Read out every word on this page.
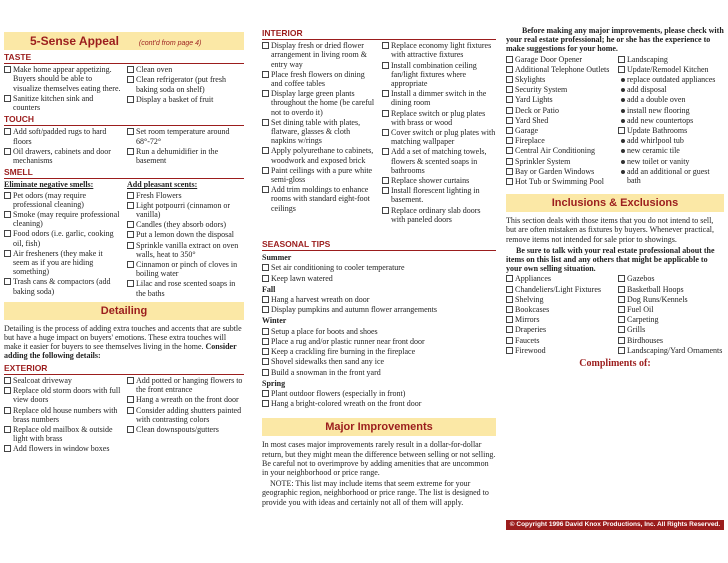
5-Sense Appeal	(cont'd from page 4)
TASTE
Make home appear appetizing. Buyers should be able to visualize themselves eating there.
Sanitize kitchen sink and counters
Clean oven
Clean refrigerator (put fresh baking soda on shelf)
Display a basket of fruit
TOUCH
Add soft/padded rugs to hard floors
Oil drawers, cabinets and door mechanisms
Set room temperature around 68°-72°
Run a dehumidifier in the basement
SMELL
Eliminate negative smells:
Pet odors (may require professional cleaning)
Smoke (may require professional cleaning)
Food odors (i.e. garlic, cooking oil, fish)
Air fresheners (they make it seem as if you are hiding something)
Trash cans & compactors (add baking soda)
Add pleasant scents:
Fresh Flowers
Light potpourri (cinnamon or vanilla)
Candles (they absorb odors)
Put a lemon down the disposal
Sprinkle vanilla extract on oven walls, heat to 350°
Cinnamon or pinch of cloves in boiling water
Lilac and rose scented soaps in the baths
Detailing

Detailing is the process of adding extra touches and accents that are subtle but have a huge impact on buyers' emotions. These extra touches will make it easier for buyers to see themselves living in the home. Consider adding the following details:

EXTERIOR
Sealcoat driveway
Replace old storm doors with full view doors
Replace old house numbers with brass numbers
Replace old mailbox & outside light with brass
Add flowers in window boxes
Add potted or hanging flowers to the front entrance
Hang a wreath on the front door
Consider adding shutters painted with contrasting colors
Clean downspouts/gutters
INTERIOR
Display fresh or dried flower arrangement in living room & entry way
Place fresh flowers on dining and coffee tables
Display large green plants throughout the home (be careful not to overdo it)
Set dining table with plates, flatware, glasses & cloth napkins w/rings
Apply polyurethane to cabinets, woodwork and exposed brick
Paint ceilings with a pure white semi-gloss
Add trim moldings to enhance rooms with standard eight-foot ceilings
Replace economy light fixtures with attractive fixtures
Install combination ceiling fan/light fixtures where appropriate
Install a dimmer switch in the dining room
Replace switch or plug plates with brass or wood
Cover switch or plug plates with matching wallpaper
Add a set of matching towels, flowers & scented soaps in bathrooms
Replace shower curtains
Install florescent lighting in basement.
Replace ordinary slab doors with paneled doors
SEASONAL TIPS
Summer
Set air conditioning to cooler temperature
Keep lawn watered
Fall
Hang a harvest wreath on door
Display pumpkins and autumn flower arrangements
Winter
Setup a place for boots and shoes
Place a rug and/or plastic runner near front door
Keep a crackling fire burning in the fireplace
Shovel sidewalks then sand any ice
Build a snowman in the front yard
Spring
Plant outdoor flowers (especially in front)
Hang a bright-colored wreath on the front door
Major Improvements

In most cases major improvements rarely result in a dollar-for-dollar return, but they might mean the difference between selling or not selling. Be careful not to overimprove by adding amenities that are uncommon in your neighborhood or price range.

NOTE: This list may include items that seem extreme for your geographic region, neighborhood or price range. The list is designed to provide you with ideas and certainly not all of them will apply.

Before making any major improvements, please check with your real estate professional; he or she has the experience to make suggestions for your home.

Garage Door Opener
Additional Telephone Outlets
Skylights
Security System
Yard Lights
Deck or Patio
Yard Shed
Garage
Fireplace
Central Air Conditioning
Sprinkler System
Bay or Garden Windows
Hot Tub or Swimming Pool
Landscaping
Update/Remodel Kitchen
replace outdated appliances
add disposal
add a double oven
install new flooring
add new countertops
Update Bathrooms
add whirlpool tub
new ceramic tile
new toilet or vanity
add an additional or guest bath
Inclusions & Exclusions

This section deals with those items that you do not intend to sell, but are often mistaken as fixtures by buyers. Whenever practical, remove items not intended for sale prior to showings.

Be sure to talk with your real estate professional about the items on this list and any others that might be applicable to your own selling situation.

Appliances
Chandeliers/Light Fixtures
Shelving
Bookcases
Mirrors
Draperies
Faucets
Firewood
Gazebos
Basketball Hoops
Dog Runs/Kennels
Fuel Oil
Carpeting
Grills
Birdhouses
Landscaping/Yard Ornaments
Compliments of:
© Copyright 1996 David Knox Productions, Inc. All Rights Reserved.
